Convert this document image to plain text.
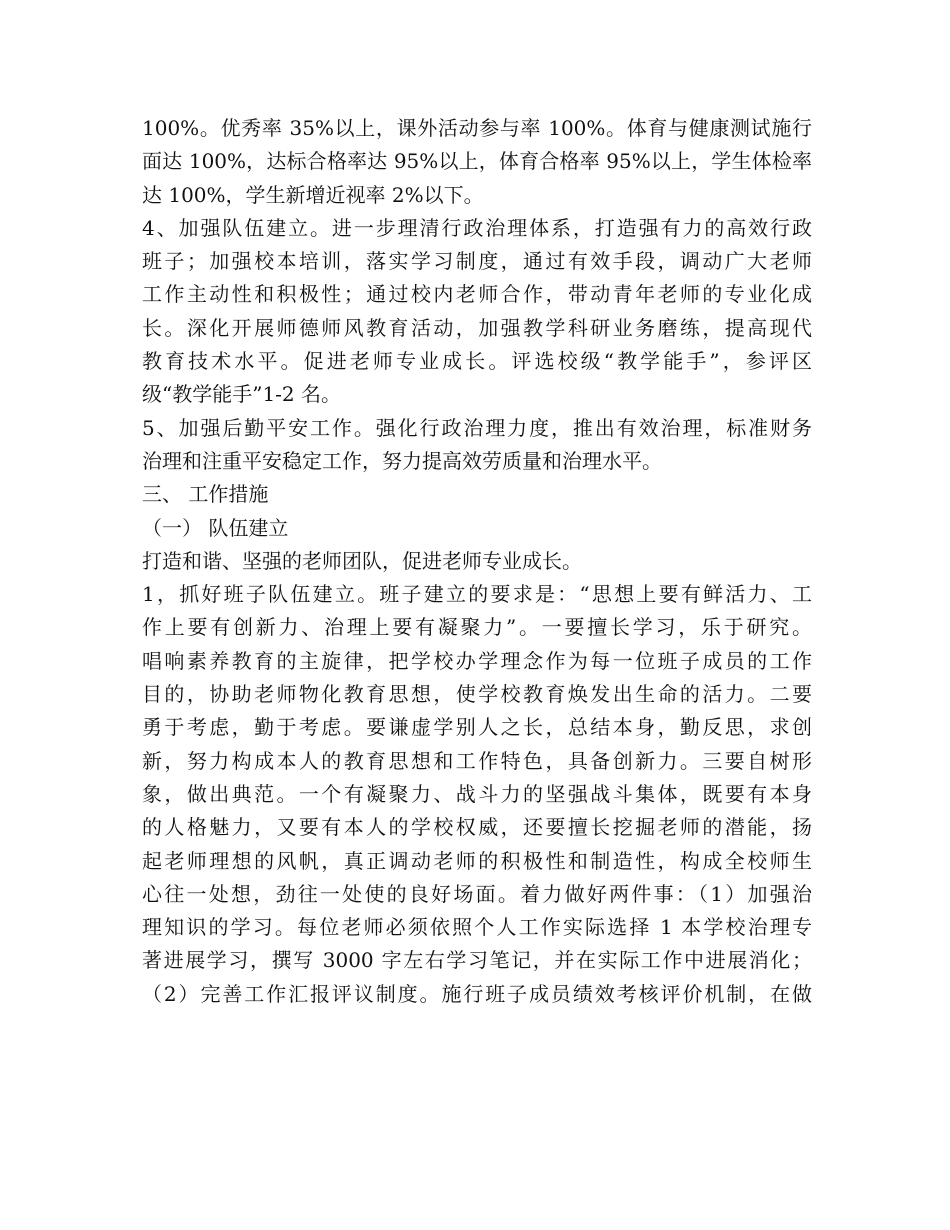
100%。优秀率 35%以上，课外活动参与率 100%。体育与健康测试施行
面达 100%，达标合格率达 95%以上，体育合格率 95%以上，学生体检率
达 100%，学生新增近视率 2%以下。
4、加强队伍建立。进一步理清行政治理体系，打造强有力的高效行政
班子；加强校本培训，落实学习制度，通过有效手段，调动广大老师
工作主动性和积极性；通过校内老师合作，带动青年老师的专业化成
长。深化开展师德师风教育活动，加强教学科研业务磨练，提高现代
教育技术水平。促进老师专业成长。评选校级“教学能手”，参评区
级“教学能手”1-2 名。
5、加强后勤平安工作。强化行政治理力度，推出有效治理，标准财务
治理和注重平安稳定工作，努力提高效劳质量和治理水平。
三、 工作措施
（一） 队伍建立
打造和谐、坚强的老师团队，促进老师专业成长。
1，抓好班子队伍建立。班子建立的要求是：“思想上要有鲜活力、工
作上要有创新力、治理上要有凝聚力”。一要擅长学习，乐于研究。
唱响素养教育的主旋律，把学校办学理念作为每一位班子成员的工作
目的，协助老师物化教育思想，使学校教育焕发出生命的活力。二要
勇于考虑，勤于考虑。要谦虚学别人之长，总结本身，勤反思，求创
新，努力构成本人的教育思想和工作特色，具备创新力。三要自树形
象，做出典范。一个有凝聚力、战斗力的坚强战斗集体，既要有本身
的人格魅力，又要有本人的学校权威，还要擅长挖掘老师的潜能，扬
起老师理想的风帆，真正调动老师的积极性和制造性，构成全校师生
心往一处想，劲往一处使的良好场面。着力做好两件事：（1）加强治
理知识的学习。每位老师必须依照个人工作实际选择 1 本学校治理专
著进展学习，撰写 3000 字左右学习笔记，并在实际工作中进展消化；
（2）完善工作汇报评议制度。施行班子成员绩效考核评价机制，在做
